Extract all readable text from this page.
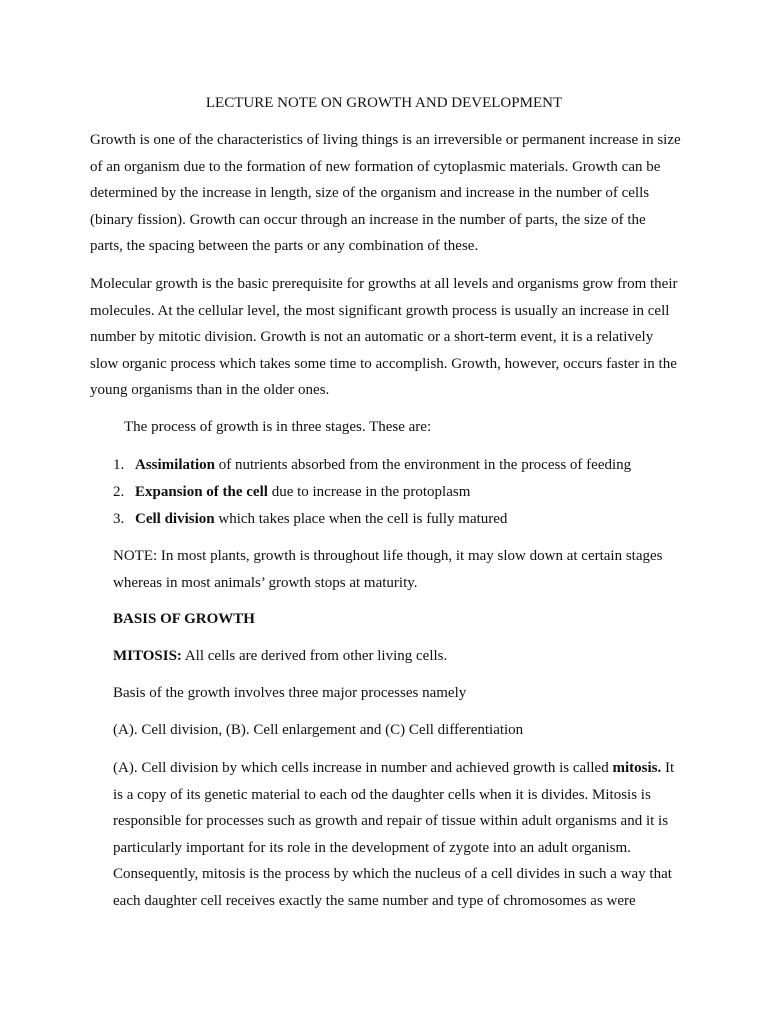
LECTURE NOTE ON GROWTH AND DEVELOPMENT

Growth is one of the characteristics of living things is an irreversible or permanent increase in size of an organism due to the formation of new formation of cytoplasmic materials. Growth can be determined by the increase in length, size of the organism and increase in the number of cells (binary fission). Growth can occur through an increase in the number of parts, the size of the parts, the spacing between the parts or any combination of these.

Molecular growth is the basic prerequisite for growths at all levels and organisms grow from their molecules. At the cellular level, the most significant growth process is usually an increase in cell number by mitotic division. Growth is not an automatic or a short-term event, it is a relatively slow organic process which takes some time to accomplish. Growth, however, occurs faster in the young organisms than in the older ones.

The process of growth is in three stages. These are:

1. Assimilation of nutrients absorbed from the environment in the process of feeding
2. Expansion of the cell due to increase in the protoplasm
3. Cell division which takes place when the cell is fully matured

NOTE: In most plants, growth is throughout life though, it may slow down at certain stages whereas in most animals’ growth stops at maturity.

BASIS OF GROWTH

MITOSIS: All cells are derived from other living cells.

Basis of the growth involves three major processes namely

(A). Cell division, (B). Cell enlargement and (C) Cell differentiation

(A). Cell division by which cells increase in number and achieved growth is called mitosis. It is a copy of its genetic material to each od the daughter cells when it is divides. Mitosis is responsible for processes such as growth and repair of tissue within adult organisms and it is particularly important for its role in the development of zygote into an adult organism. Consequently, mitosis is the process by which the nucleus of a cell divides in such a way that each daughter cell receives exactly the same number and type of chromosomes as were
